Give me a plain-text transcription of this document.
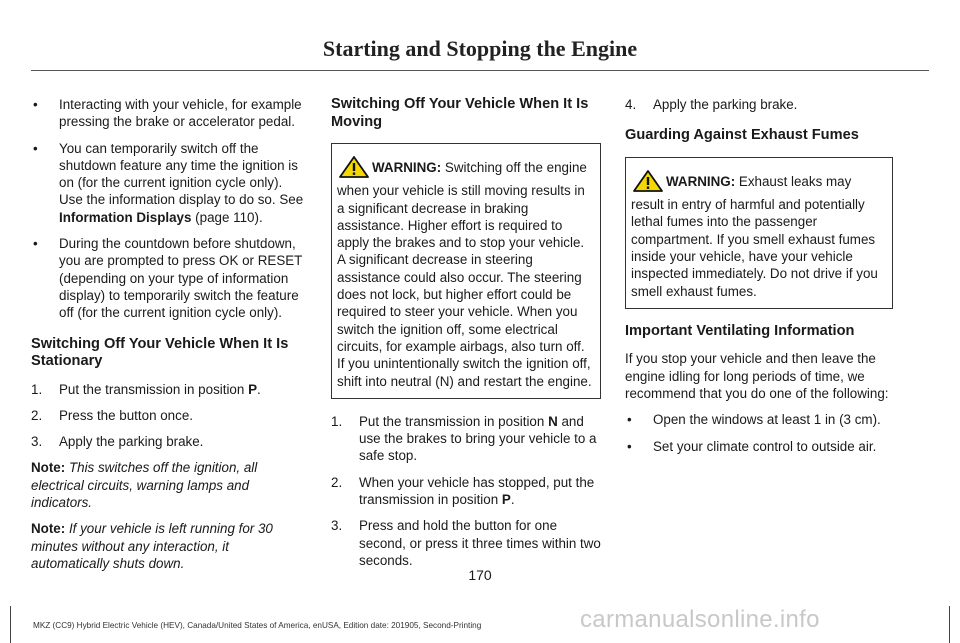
Starting and Stopping the Engine
• Interacting with your vehicle, for example pressing the brake or accelerator pedal.
• You can temporarily switch off the shutdown feature any time the ignition is on (for the current ignition cycle only). Use the information display to do so. See Information Displays (page 110).
• During the countdown before shutdown, you are prompted to press OK or RESET (depending on your type of information display) to temporarily switch the feature off (for the current ignition cycle only).
Switching Off Your Vehicle When It Is Stationary
1. Put the transmission in position P.
2. Press the button once.
3. Apply the parking brake.

Note: This switches off the ignition, all electrical circuits, warning lamps and indicators.

Note: If your vehicle is left running for 30 minutes without any interaction, it automatically shuts down.

Switching Off Your Vehicle When It Is Moving
WARNING: Switching off the engine when your vehicle is still moving results in a significant decrease in braking assistance. Higher effort is required to apply the brakes and to stop your vehicle. A significant decrease in steering assistance could also occur. The steering does not lock, but higher effort could be required to steer your vehicle. When you switch the ignition off, some electrical circuits, for example airbags, also turn off. If you unintentionally switch the ignition off, shift into neutral (N) and restart the engine.
1. Put the transmission in position N and use the brakes to bring your vehicle to a safe stop.
2. When your vehicle has stopped, put the transmission in position P.
3. Press and hold the button for one second, or press it three times within two seconds.
4. Apply the parking brake.
Guarding Against Exhaust Fumes
WARNING: Exhaust leaks may result in entry of harmful and potentially lethal fumes into the passenger compartment. If you smell exhaust fumes inside your vehicle, have your vehicle inspected immediately. Do not drive if you smell exhaust fumes.
Important Ventilating Information

If you stop your vehicle and then leave the engine idling for long periods of time, we recommend that you do one of the following:

• Open the windows at least 1 in (3 cm).
• Set your climate control to outside air.
170
carmanualsonline.info
MKZ (CC9) Hybrid Electric Vehicle (HEV), Canada/United States of America, enUSA, Edition date: 201905, Second-Printing
